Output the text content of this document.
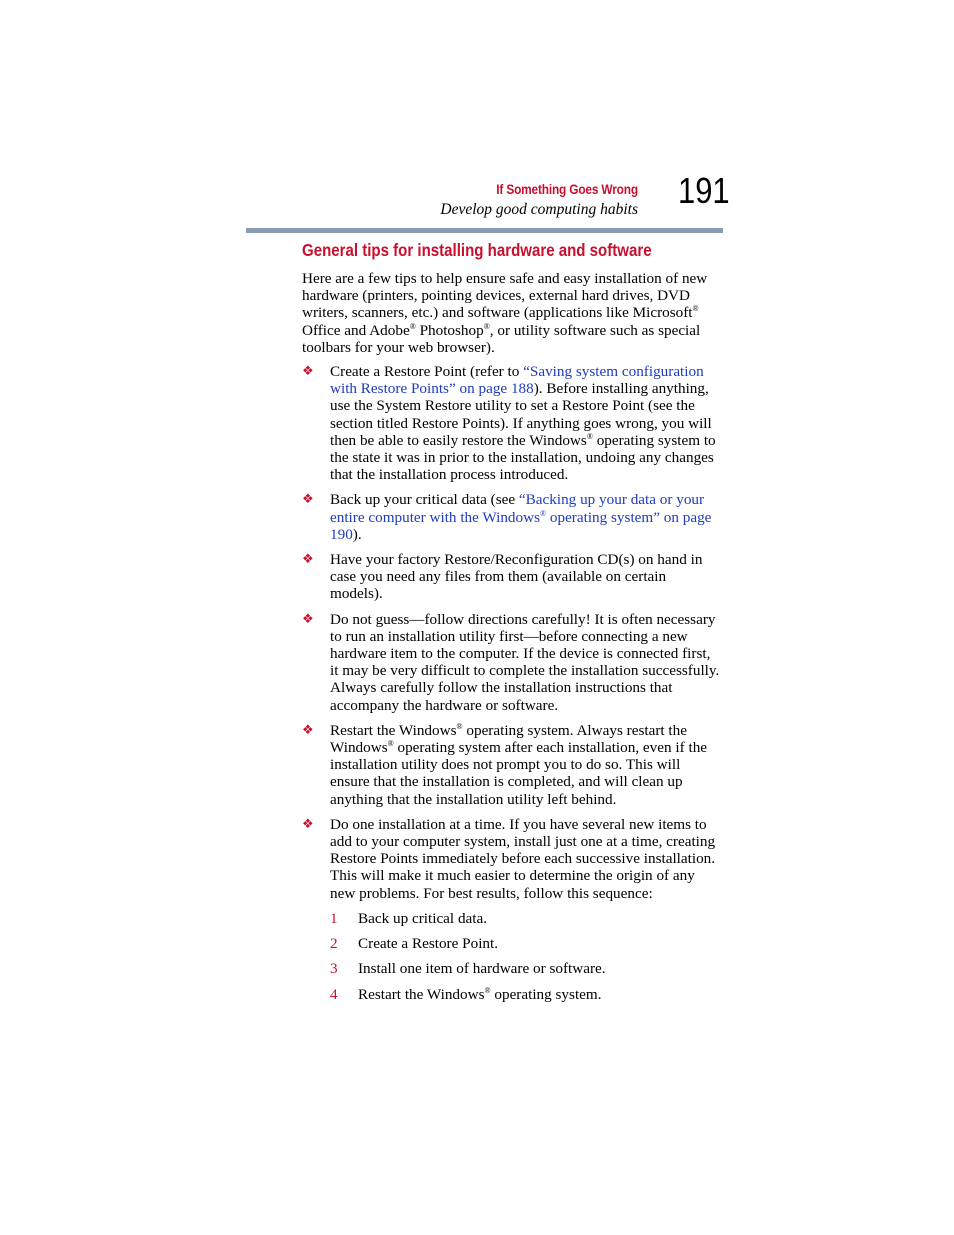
If Something Goes Wrong
Develop good computing habits 191
General tips for installing hardware and software

Here are a few tips to help ensure safe and easy installation of new hardware (printers, pointing devices, external hard drives, DVD writers, scanners, etc.) and software (applications like Microsoft® Office and Adobe® Photoshop®, or utility software such as special toolbars for your web browser).

❖ Create a Restore Point (refer to “Saving system configuration with Restore Points” on page 188). Before installing anything, use the System Restore utility to set a Restore Point (see the section titled Restore Points). If anything goes wrong, you will then be able to easily restore the Windows® operating system to the state it was in prior to the installation, undoing any changes that the installation process introduced.
❖ Back up your critical data (see “Backing up your data or your entire computer with the Windows® operating system” on page 190).
❖ Have your factory Restore/Reconfiguration CD(s) on hand in case you need any files from them (available on certain models).
❖ Do not guess—follow directions carefully! It is often necessary to run an installation utility first—before connecting a new hardware item to the computer. If the device is connected first, it may be very difficult to complete the installation successfully. Always carefully follow the installation instructions that accompany the hardware or software.
❖ Restart the Windows® operating system. Always restart the Windows® operating system after each installation, even if the installation utility does not prompt you to do so. This will ensure that the installation is completed, and will clean up anything that the installation utility left behind.
❖ Do one installation at a time. If you have several new items to add to your computer system, install just one at a time, creating Restore Points immediately before each successive installation. This will make it much easier to determine the origin of any new problems. For best results, follow this sequence:
1 Back up critical data.
2 Create a Restore Point.
3 Install one item of hardware or software.
4 Restart the Windows® operating system.
